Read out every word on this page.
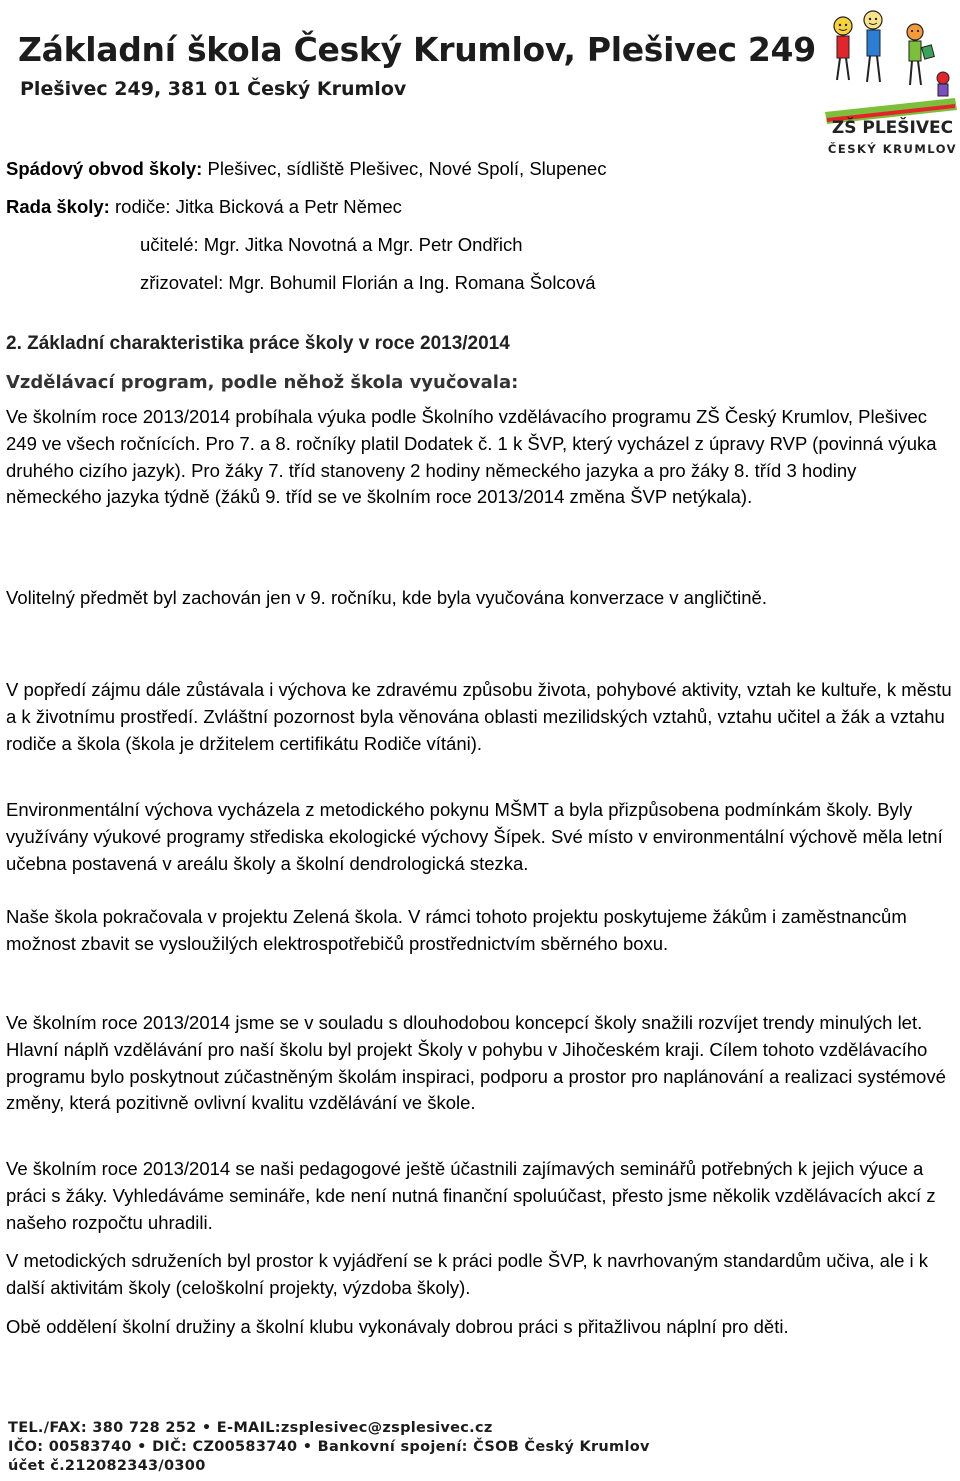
Základní škola Český Krumlov, Plešivec 249
Plešivec 249, 381 01 Český Krumlov
ZŠ PLEŠIVEC
ČESKÝ KRUMLOV
Spádový obvod školy: Plešivec, sídliště Plešivec, Nové Spolí, Slupenec
Rada školy: rodiče: Jitka Bicková a Petr Němec
učitelé: Mgr. Jitka Novotná a Mgr. Petr Ondřich
zřizovatel: Mgr. Bohumil Florián a Ing. Romana Šolcová
2. Základní charakteristika práce školy v roce 2013/2014
Vzdělávací program, podle něhož škola vyučovala:

Ve školním roce 2013/2014 probíhala výuka podle Školního vzdělávacího programu ZŠ Český Krumlov, Plešivec 249 ve všech ročnících. Pro 7. a 8. ročníky platil Dodatek č. 1 k ŠVP, který vycházel z úpravy RVP (povinná výuka druhého cizího jazyk). Pro žáky 7. tříd stanoveny 2 hodiny německého jazyka a pro žáky 8. tříd 3 hodiny německého jazyka týdně (žáků 9. tříd se ve školním roce 2013/2014 změna ŠVP netýkala).

Volitelný předmět byl zachován jen v 9. ročníku, kde byla vyučována konverzace v angličtině.

V popředí zájmu dále zůstávala i výchova ke zdravému způsobu života, pohybové aktivity, vztah ke kultuře, k městu a k životnímu prostředí. Zvláštní pozornost byla věnována oblasti mezilidských vztahů, vztahu učitel a žák a vztahu rodiče a škola (škola je držitelem certifikátu Rodiče vítáni).

Environmentální výchova vycházela z metodického pokynu MŠMT a byla přizpůsobena podmínkám školy. Byly využívány výukové programy střediska ekologické výchovy Šípek. Své místo v environmentální výchově měla letní učebna postavená v areálu školy a školní dendrologická stezka.

Naše škola pokračovala v projektu Zelená škola. V rámci tohoto projektu poskytujeme žákům i zaměstnancům možnost zbavit se vysloužilých elektrospotřebičů prostřednictvím sběrného boxu.

Ve školním roce 2013/2014 jsme se v souladu s dlouhodobou koncepcí školy snažili rozvíjet trendy minulých let. Hlavní náplň vzdělávání pro naší školu byl projekt Školy v pohybu v Jihočeském kraji. Cílem tohoto vzdělávacího programu bylo poskytnout zúčastněným školám inspiraci, podporu a prostor pro naplánování a realizaci systémové změny, která pozitivně ovlivní kvalitu vzdělávání ve škole.

Ve školním roce 2013/2014 se naši pedagogové ještě účastnili zajímavých seminářů potřebných k jejich výuce a práci s žáky. Vyhledáváme semináře, kde není nutná finanční spoluúčast, přesto jsme několik vzdělávacích akcí z našeho rozpočtu uhradili.

V metodických sdruženích byl prostor k vyjádření se k práci podle ŠVP, k navrhovaným standardům učiva, ale i k další aktivitám školy (celoškolní projekty, výzdoba školy).

Obě oddělení školní družiny a školní klubu vykonávaly dobrou práci s přitažlivou náplní pro děti.

TEL./FAX: 380 728 252 • E-MAIL:zsplesivec@zsplesivec.cz
IČO: 00583740 • DIČ: CZ00583740 • Bankovní spojení: ČSOB Český Krumlov
účet č.212082343/0300
